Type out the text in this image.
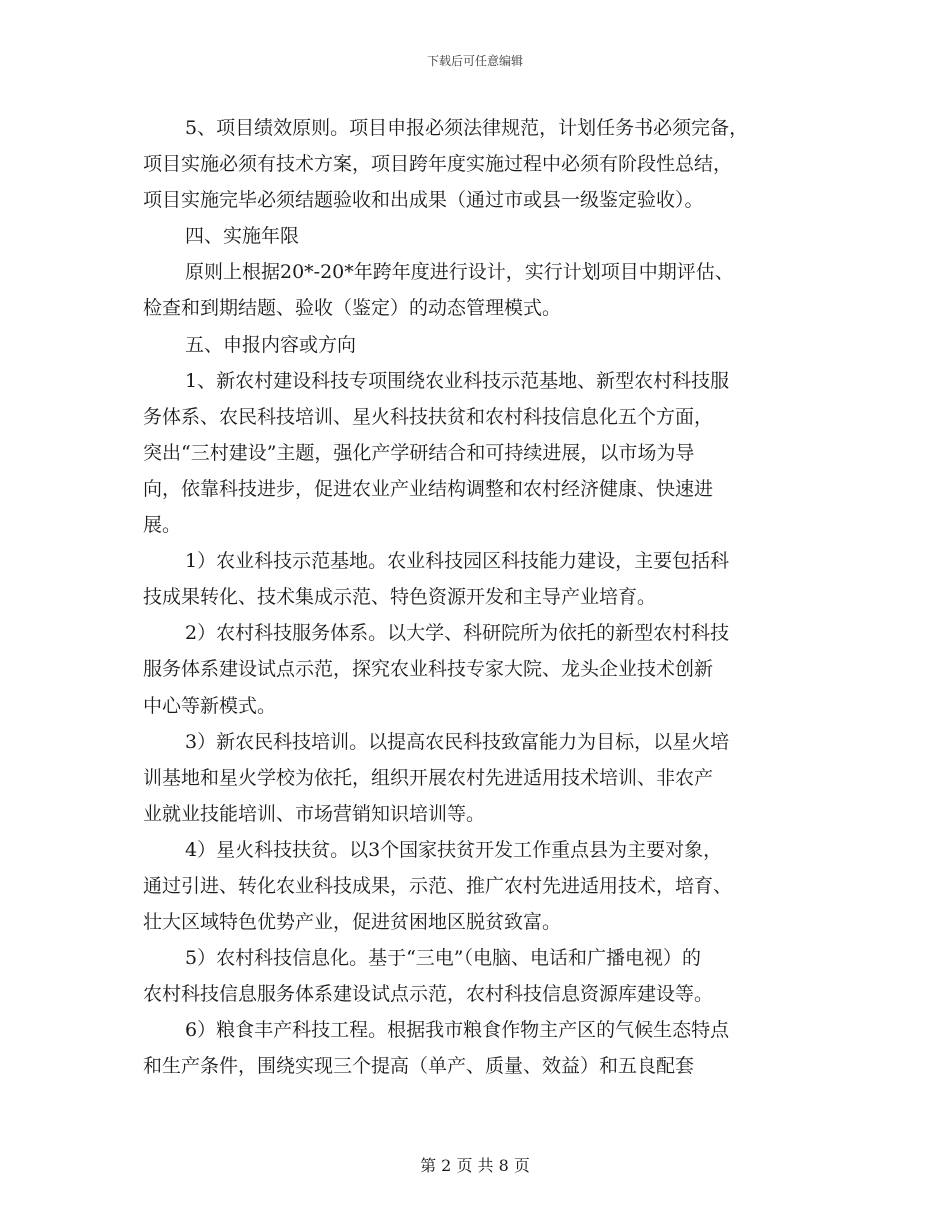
下载后可任意编辑
5、项目绩效原则。项目申报必须法律规范，计划任务书必须完备，
项目实施必须有技术方案，项目跨年度实施过程中必须有阶段性总结，
项目实施完毕必须结题验收和出成果（通过市或县一级鉴定验收）。
四、实施年限
原则上根据20*-20*年跨年度进行设计，实行计划项目中期评估、
检查和到期结题、验收（鉴定）的动态管理模式。
五、申报内容或方向
1、新农村建设科技专项围绕农业科技示范基地、新型农村科技服
务体系、农民科技培训、星火科技扶贫和农村科技信息化五个方面，
突出“三村建设”主题，强化产学研结合和可持续进展，以市场为导
向，依靠科技进步，促进农业产业结构调整和农村经济健康、快速进
展。
1）农业科技示范基地。农业科技园区科技能力建设，主要包括科
技成果转化、技术集成示范、特色资源开发和主导产业培育。
2）农村科技服务体系。以大学、科研院所为依托的新型农村科技
服务体系建设试点示范，探究农业科技专家大院、龙头企业技术创新
中心等新模式。
3）新农民科技培训。以提高农民科技致富能力为目标，以星火培
训基地和星火学校为依托，组织开展农村先进适用技术培训、非农产
业就业技能培训、市场营销知识培训等。
4）星火科技扶贫。以3个国家扶贫开发工作重点县为主要对象，
通过引进、转化农业科技成果，示范、推广农村先进适用技术，培育、
壮大区域特色优势产业，促进贫困地区脱贫致富。
5）农村科技信息化。基于“三电”（电脑、电话和广播电视）的
农村科技信息服务体系建设试点示范，农村科技信息资源库建设等。
6）粮食丰产科技工程。根据我市粮食作物主产区的气候生态特点
和生产条件，围绕实现三个提高（单产、质量、效益）和五良配套
第 2 页 共 8 页
